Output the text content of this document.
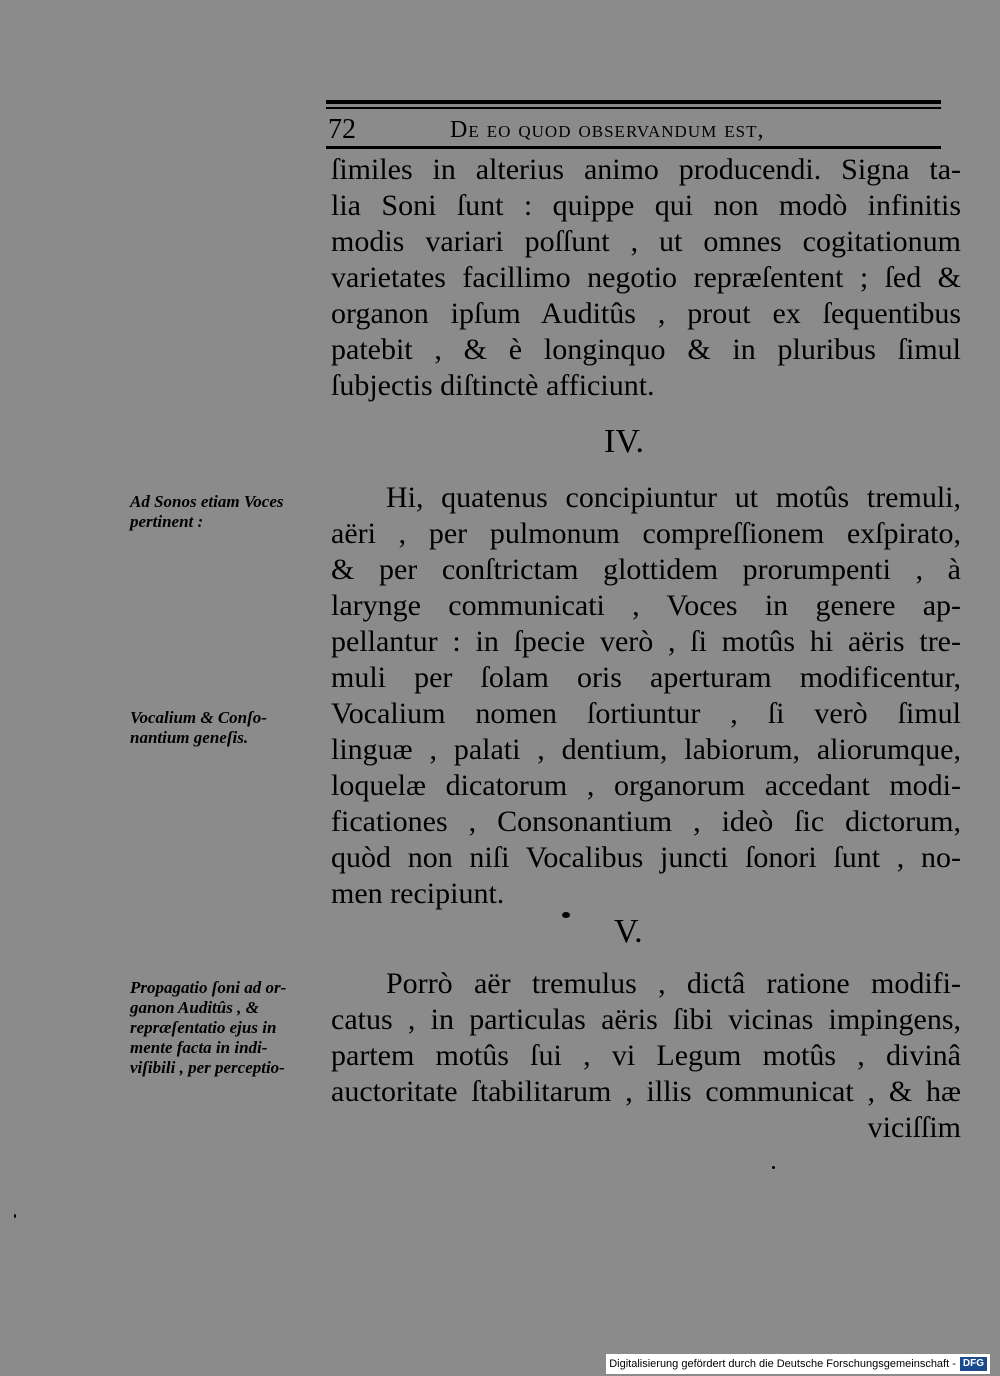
72	De eo quod observandum est,
ſimiles in alterius animo producendi. Signa ta-
lia Soni ſunt : quippe qui non modò infinitis
modis variari poſſunt , ut omnes cogitationum
varietates facillimo negotio repræſentent ; ſed &
organon ipſum Auditûs , prout ex ſequentibus
patebit , & è longinquo & in pluribus ſimul
ſubjectis diſtinctè afficiunt.
IV.
Ad Sonos etiam Voces
pertinent :
Hi, quatenus concipiuntur ut motûs tremuli,
aëri , per pulmonum compreſſionem exſpirato,
& per conſtrictam glottidem prorumpenti , à
larynge communicati , Voces in genere ap-
pellantur : in ſpecie verò , ſi motûs hi aëris tre-
muli per ſolam oris aperturam modificentur,
Vocalium nomen ſortiuntur , ſi verò ſimul
linguæ , palati , dentium, labiorum, aliorumque,
loquelæ dicatorum , organorum accedant modi-
ficationes , Consonantium , ideò ſic dictorum,
quòd non niſi Vocalibus juncti ſonori ſunt , no-
men recipiunt.
Vocalium & Conſo-
nantium geneſis.
V.
Propagatio ſoni ad or-
ganon Auditûs , &
repræſentatio ejus in
mente facta in indi-
viſibili , per perceptio-
Porrò aër tremulus , dictâ ratione modifi-
catus , in particulas aëris ſibi vicinas impingens,
partem motûs ſui , vi Legum motûs , divinâ
auctoritate ſtabilitarum , illis communicat , & hæ
viciſſim
Digitalisierung gefördert durch die Deutsche Forschungsgemeinschaft - DFG
